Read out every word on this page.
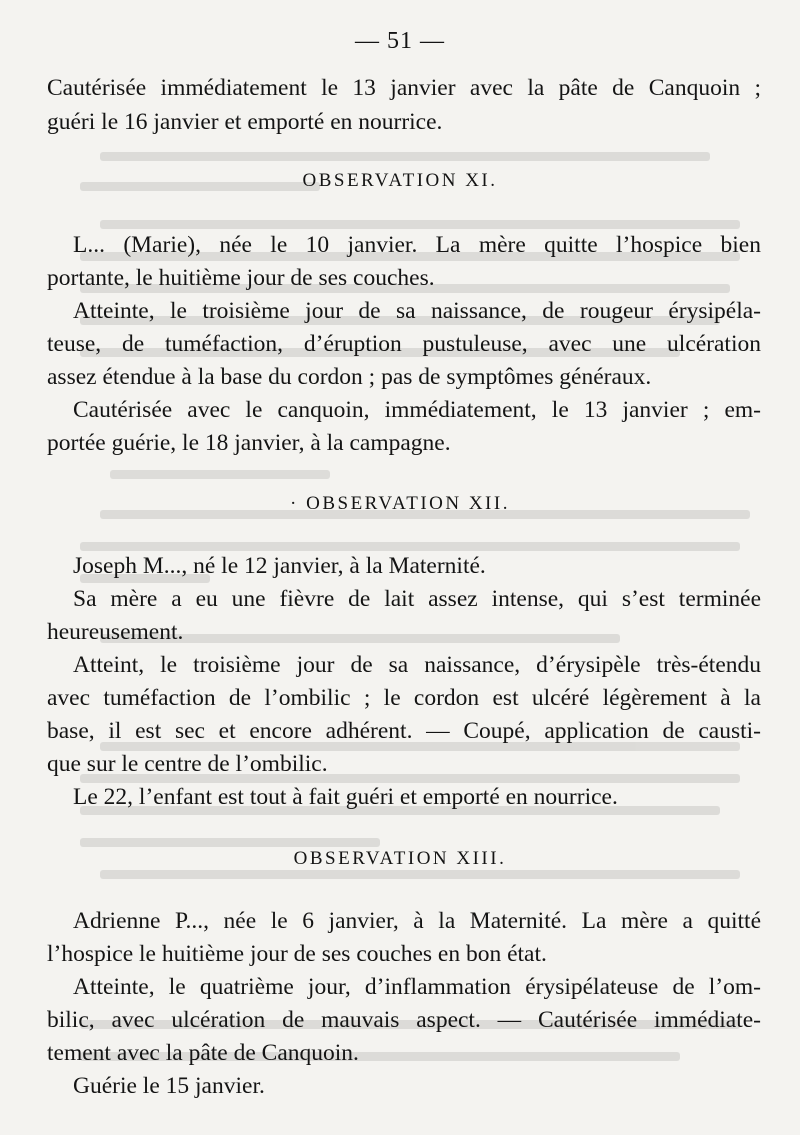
— 51 —
Cautérisée immédiatement le 13 janvier avec la pâte de Canquoin ;
guéri le 16 janvier et emporté en nourrice.
OBSERVATION XI.
L... (Marie), née le 10 janvier. La mère quitte l’hospice bien
portante, le huitième jour de ses couches.
Atteinte, le troisième jour de sa naissance, de rougeur érysipéla-
teuse, de tuméfaction, d’éruption pustuleuse, avec une ulcération
assez étendue à la base du cordon ; pas de symptômes généraux.
Cautérisée avec le canquoin, immédiatement, le 13 janvier ; em-
portée guérie, le 18 janvier, à la campagne.
· OBSERVATION XII.
Joseph M..., né le 12 janvier, à la Maternité.
Sa mère a eu une fièvre de lait assez intense, qui s’est terminée
heureusement.
Atteint, le troisième jour de sa naissance, d’érysipèle très-étendu
avec tuméfaction de l’ombilic ; le cordon est ulcéré légèrement à la
base, il est sec et encore adhérent. — Coupé, application de causti-
que sur le centre de l’ombilic.
Le 22, l’enfant est tout à fait guéri et emporté en nourrice.
OBSERVATION XIII.
Adrienne P..., née le 6 janvier, à la Maternité. La mère a quitté
l’hospice le huitième jour de ses couches en bon état.
Atteinte, le quatrième jour, d’inflammation érysipélateuse de l’om-
bilic, avec ulcération de mauvais aspect. — Cautérisée immédiate-
tement avec la pâte de Canquoin.
Guérie le 15 janvier.
